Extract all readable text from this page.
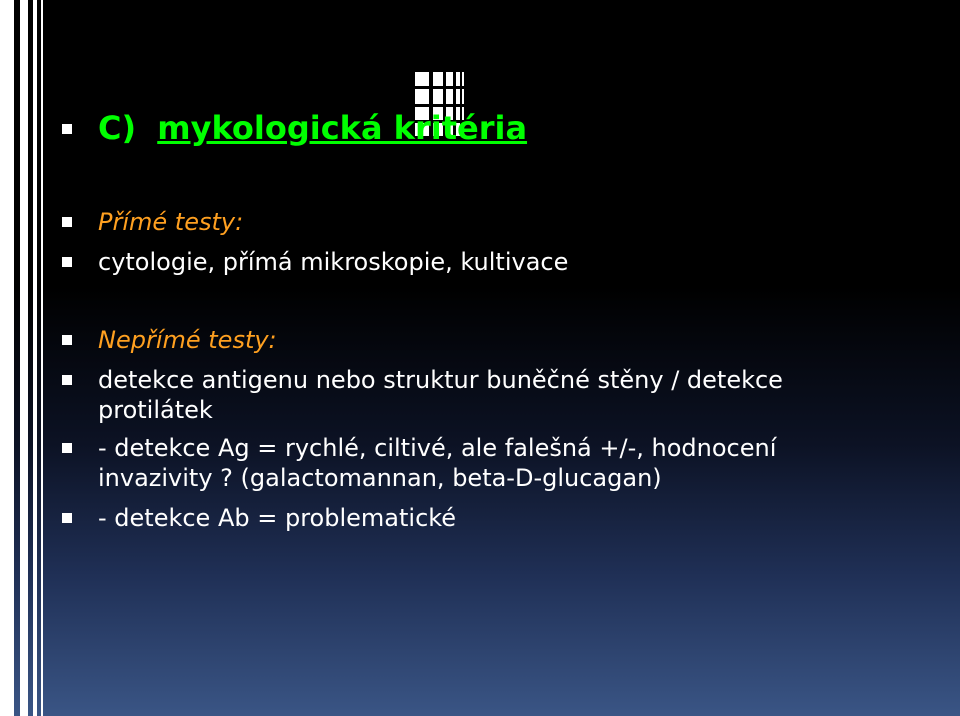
C) mykologická kritéria
Přímé testy:
cytologie, přímá mikroskopie, kultivace
Nepřímé testy:
detekce antigenu nebo struktur buněčné stěny / detekce
protilátek
- detekce Ag = rychlé, ciltivé, ale falešná +/-, hodnocení
invazivity ? (galactomannan, beta-D-glucagan)
- detekce Ab = problematické
